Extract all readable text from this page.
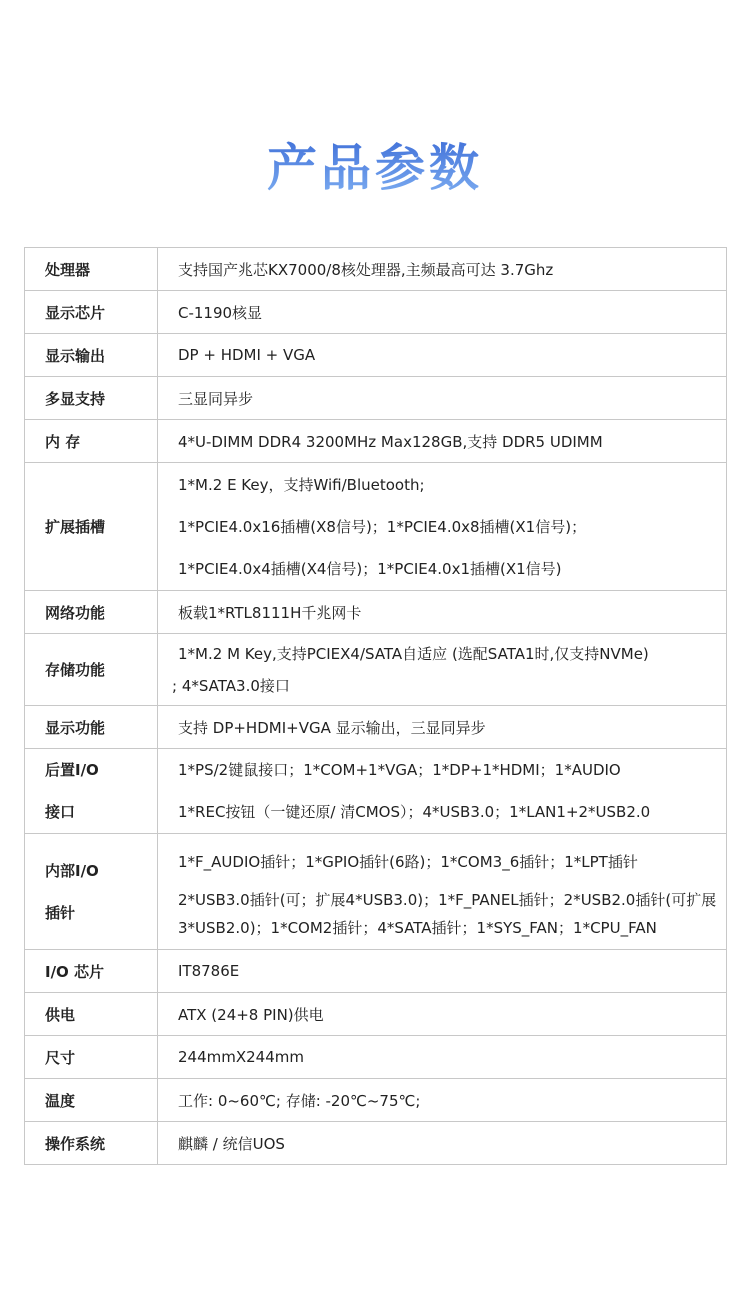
产品参数
处理器	支持国产兆芯KX7000/8核处理器,主频最高可达 3.7Ghz
显示芯片	C-1190核显
显示输出	DP + HDMI + VGA
多显支持	三显同异步
内 存	4*U-DIMM DDR4 3200MHz Max128GB,支持 DDR5 UDIMM
扩展插槽	1*M.2 E Key，支持Wifi/Bluetooth;
1*PCIE4.0x16插槽(X8信号)；1*PCIE4.0x8插槽(X1信号)；
1*PCIE4.0x4插槽(X4信号)；1*PCIE4.0x1插槽(X1信号)

网络功能	板载1*RTL8111H千兆网卡
存储功能	1*M.2 M Key,支持PCIEX4/SATA自适应 (选配SATA1时,仅支持NVMe)
; 4*SATA3.0接口

显示功能	支持 DP+HDMI+VGA 显示输出，三显同异步

后置I/O
接口	1*PS/2键鼠接口；1*COM+1*VGA；1*DP+1*HDMI；1*AUDIO
1*REC按钮（一键还原/ 清CMOS）；4*USB3.0；1*LAN1+2*USB2.0

内部I/O
插针	1*F_AUDIO插针；1*GPIO插针(6路)；1*COM3_6插针；1*LPT插针
2*USB3.0插针(可；扩展4*USB3.0)；1*F_PANEL插针；2*USB2.0插针(可扩展
3*USB2.0)；1*COM2插针；4*SATA插针；1*SYS_FAN；1*CPU_FAN

I/O 芯片	IT8786E
供电	ATX (24+8 PIN)供电
尺寸	244mmX244mm
温度	工作: 0~60℃; 存储: -20℃~75℃;
操作系统	麒麟 / 统信UOS
